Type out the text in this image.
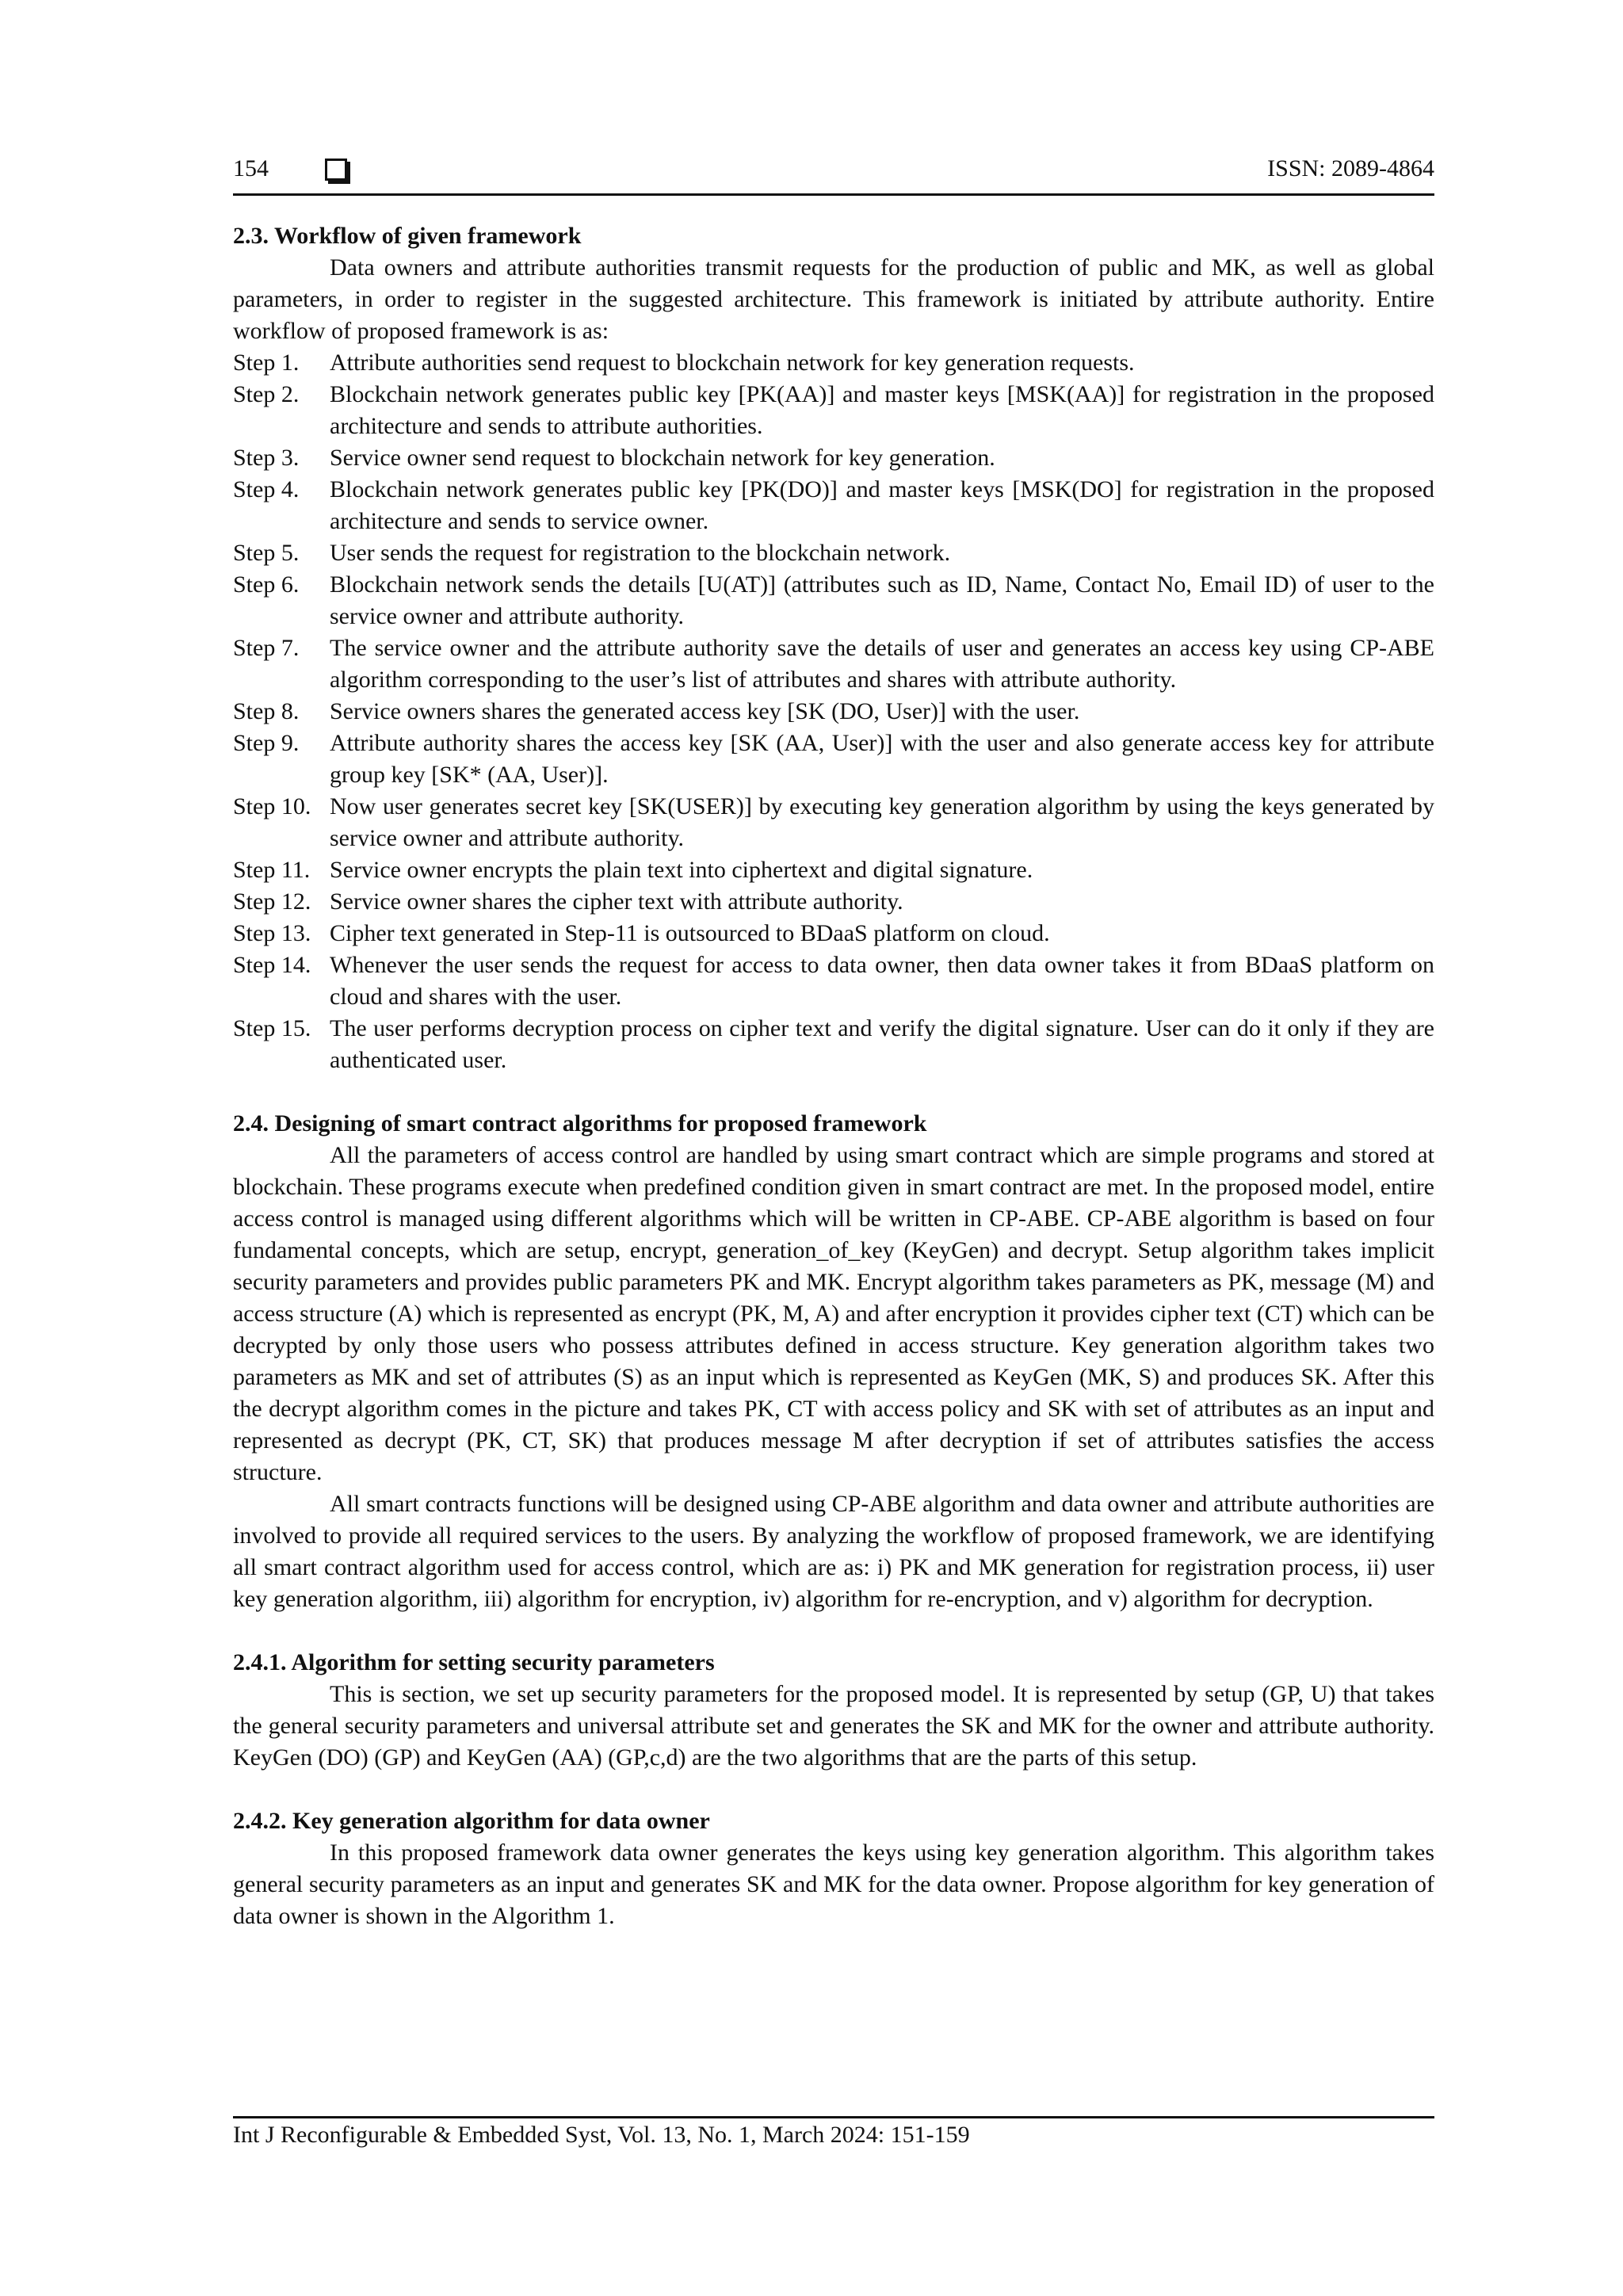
154	ISSN: 2089-4864
2.3. Workflow of given framework

Data owners and attribute authorities transmit requests for the production of public and MK, as well as global parameters, in order to register in the suggested architecture. This framework is initiated by attribute authority. Entire workflow of proposed framework is as:

Step 1.	Attribute authorities send request to blockchain network for key generation requests.
Step 2.	Blockchain network generates public key [PK(AA)] and master keys [MSK(AA)] for registration in the proposed architecture and sends to attribute authorities.
Step 3.	Service owner send request to blockchain network for key generation.
Step 4.	Blockchain network generates public key [PK(DO)] and master keys [MSK(DO] for registration in the proposed architecture and sends to service owner.
Step 5.	User sends the request for registration to the blockchain network.
Step 6.	Blockchain network sends the details [U(AT)] (attributes such as ID, Name, Contact No, Email ID) of user to the service owner and attribute authority.
Step 7.	The service owner and the attribute authority save the details of user and generates an access key using CP-ABE algorithm corresponding to the user’s list of attributes and shares with attribute authority.
Step 8.	Service owners shares the generated access key [SK (DO, User)] with the user.
Step 9.	Attribute authority shares the access key [SK (AA, User)] with the user and also generate access key for attribute group key [SK* (AA, User)].
Step 10. Now user generates secret key [SK(USER)] by executing key generation algorithm by using the keys generated by service owner and attribute authority.
Step 11. Service owner encrypts the plain text into ciphertext and digital signature.
Step 12. Service owner shares the cipher text with attribute authority.
Step 13. Cipher text generated in Step-11 is outsourced to BDaaS platform on cloud.
Step 14. Whenever the user sends the request for access to data owner, then data owner takes it from BDaaS platform on cloud and shares with the user.
Step 15. The user performs decryption process on cipher text and verify the digital signature. User can do it only if they are authenticated user.
2.4. Designing of smart contract algorithms for proposed framework

All the parameters of access control are handled by using smart contract which are simple programs and stored at blockchain. These programs execute when predefined condition given in smart contract are met. In the proposed model, entire access control is managed using different algorithms which will be written in CP-ABE. CP-ABE algorithm is based on four fundamental concepts, which are setup, encrypt, generation_of_key (KeyGen) and decrypt. Setup algorithm takes implicit security parameters and provides public parameters PK and MK. Encrypt algorithm takes parameters as PK, message (M) and access structure (A) which is represented as encrypt (PK, M, A) and after encryption it provides cipher text (CT) which can be decrypted by only those users who possess attributes defined in access structure. Key generation algorithm takes two parameters as MK and set of attributes (S) as an input which is represented as KeyGen (MK, S) and produces SK. After this the decrypt algorithm comes in the picture and takes PK, CT with access policy and SK with set of attributes as an input and represented as decrypt (PK, CT, SK) that produces message M after decryption if set of attributes satisfies the access structure.

All smart contracts functions will be designed using CP-ABE algorithm and data owner and attribute authorities are involved to provide all required services to the users. By analyzing the workflow of proposed framework, we are identifying all smart contract algorithm used for access control, which are as: i) PK and MK generation for registration process, ii) user key generation algorithm, iii) algorithm for encryption, iv) algorithm for re-encryption, and v) algorithm for decryption.

2.4.1. Algorithm for setting security parameters

This is section, we set up security parameters for the proposed model. It is represented by setup (GP, U) that takes the general security parameters and universal attribute set and generates the SK and MK for the owner and attribute authority. KeyGen (DO) (GP) and KeyGen (AA) (GP,c,d) are the two algorithms that are the parts of this setup.

2.4.2. Key generation algorithm for data owner

In this proposed framework data owner generates the keys using key generation algorithm. This algorithm takes general security parameters as an input and generates SK and MK for the data owner. Propose algorithm for key generation of data owner is shown in the Algorithm 1.

Int J Reconfigurable & Embedded Syst, Vol. 13, No. 1, March 2024: 151-159
